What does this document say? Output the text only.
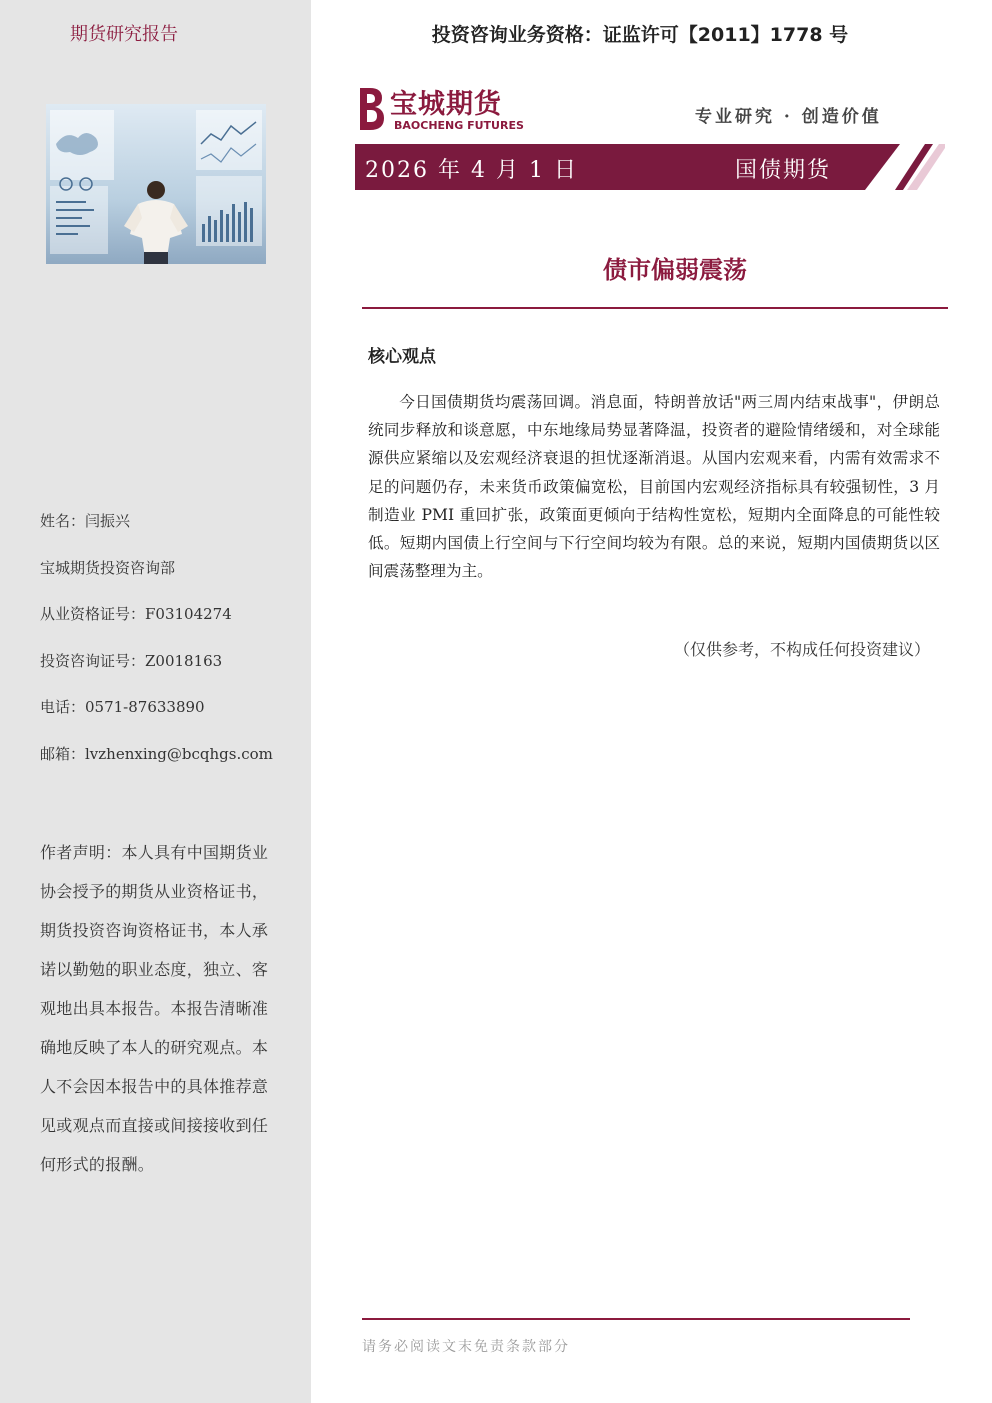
期货研究报告
姓名：闫振兴
宝城期货投资咨询部
从业资格证号：F03104274
投资咨询证号：Z0018163
电话：0571-87633890
邮箱：lvzhenxing@bcqhgs.com
作者声明：本人具有中国期货业协会授予的期货从业资格证书，期货投资咨询资格证书，本人承诺以勤勉的职业态度，独立、客观地出具本报告。本报告清晰准确地反映了本人的研究观点。本人不会因本报告中的具体推荐意见或观点而直接或间接接收到任何形式的报酬。
投资咨询业务资格：证监许可【2011】1778 号
宝城期货
BAOCHENG FUTURES	专业研究 · 创造价值
2026 年 4 月 1 日	国债期货
债市偏弱震荡
核心观点
今日国债期货均震荡回调。消息面，特朗普放话"两三周内结束战事"，伊朗总统同步释放和谈意愿，中东地缘局势显著降温，投资者的避险情绪缓和，对全球能源供应紧缩以及宏观经济衰退的担忧逐渐消退。从国内宏观来看，内需有效需求不足的问题仍存，未来货币政策偏宽松，目前国内宏观经济指标具有较强韧性，3 月制造业 PMI 重回扩张，政策面更倾向于结构性宽松，短期内全面降息的可能性较低。短期内国债上行空间与下行空间均较为有限。总的来说，短期内国债期货以区间震荡整理为主。
（仅供参考，不构成任何投资建议）
请务必阅读文末免责条款部分
